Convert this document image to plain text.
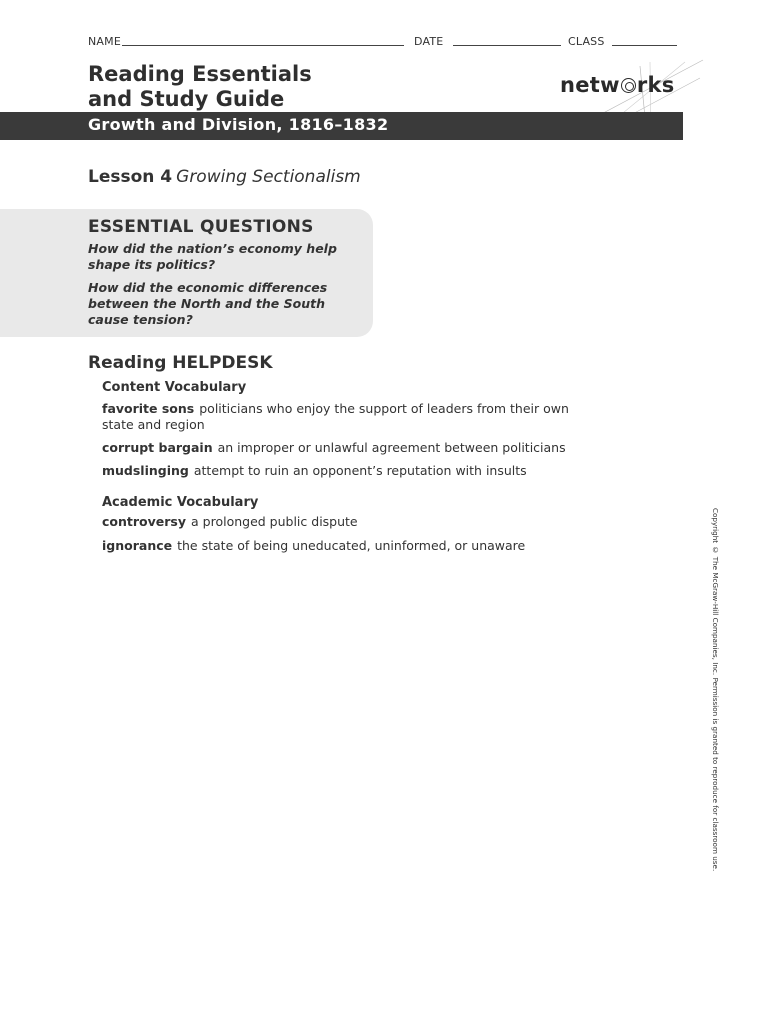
NAME	DATE	CLASS
Reading Essentials
and Study Guide
netw rks
Growth and Division, 1816–1832
Lesson 4 Growing Sectionalism
ESSENTIAL QUESTIONS
How did the nation’s economy help shape its politics?
How did the economic differences between the North and the South cause tension?
Reading HELPDESK
Content Vocabulary
favorite sons politicians who enjoy the support of leaders from their own state and region
corrupt bargain an improper or unlawful agreement between politicians
mudslinging attempt to ruin an opponent’s reputation with insults
Academic Vocabulary
controversy a prolonged public dispute
ignorance the state of being uneducated, uninformed, or unaware	Copyright © The McGraw-Hill Companies, Inc. Permission is granted to reproduce for classroom use.
